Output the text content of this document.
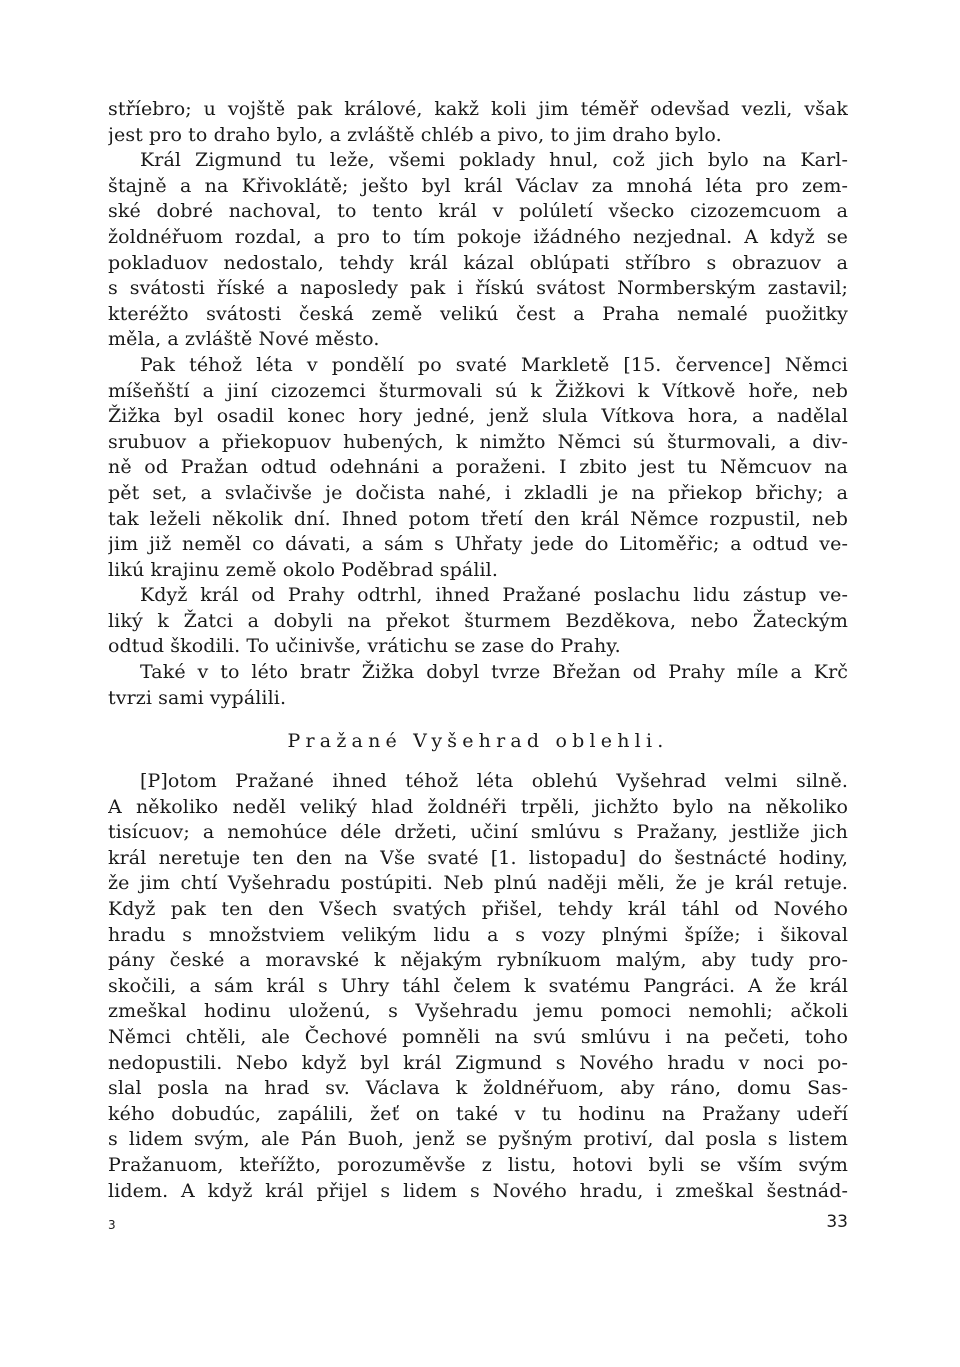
stříebro; u vojště pak králové, kakž koli jim téměř odevšad vezli, však
jest pro to draho bylo, a zvláště chléb a pivo, to jim draho bylo.
Král Zigmund tu leže, všemi poklady hnul, což jich bylo na Karl-
štajně a na Křivoklátě; ješto byl král Václav za mnohá léta pro zem-
ské dobré nachoval, to tento král v polúletí všecko cizozemcuom a
žoldnéřuom rozdal, a pro to tím pokoje ižádného nezjednal. A když se
pokladuov nedostalo, tehdy král kázal oblúpati stříbro s obrazuov a
s svátosti říské a naposledy pak i řískú svátost Normberským zastavil;
kteréžto svátosti česká země velikú čest a Praha nemalé puožitky
měla, a zvláště Nové město.
Pak téhož léta v pondělí po svaté Markletě [15. července] Němci
míšeňští a jiní cizozemci šturmovali sú k Žižkovi k Vítkově hoře, neb
Žižka byl osadil konec hory jedné, jenž slula Vítkova hora, a nadělal
srubuov a přiekopuov hubených, k nimžto Němci sú šturmovali, a div-
ně od Pražan odtud odehnáni a poraženi. I zbito jest tu Němcuov na
pět set, a svlačivše je dočista nahé, i zkladli je na přiekop břichy; a
tak leželi několik dní. Ihned potom třetí den král Němce rozpustil, neb
jim již neměl co dávati, a sám s Uhřaty jede do Litoměřic; a odtud ve-
likú krajinu země okolo Poděbrad spálil.
Když král od Prahy odtrhl, ihned Pražané poslachu lidu zástup ve-
liký k Žatci a dobyli na překot šturmem Bezděkova, nebo Žateckým
odtud škodili. To učinivše, vrátichu se zase do Prahy.
Také v to léto bratr Žižka dobyl tvrze Břežan od Prahy míle a Krč
tvrzi sami vypálili.
Pražané Vyšehrad oblehli.
[P]otom Pražané ihned téhož léta oblehú Vyšehrad velmi silně.
A několiko neděl veliký hlad žoldnéři trpěli, jichžto bylo na několiko
tisícuov; a nemohúce déle držeti, učiní smlúvu s Pražany, jestliže jich
král neretuje ten den na Vše svaté [1. listopadu] do šestnácté hodiny,
že jim chtí Vyšehradu postúpiti. Neb plnú naději měli, že je král retuje.
Když pak ten den Všech svatých přišel, tehdy král táhl od Nového
hradu s množstviem velikým lidu a s vozy plnými špíže; i šikoval
pány české a moravské k nějakým rybníkuom malým, aby tudy pro-
skočili, a sám král s Uhry táhl čelem k svatému Pangráci. A že král
zmeškal hodinu uloženú, s Vyšehradu jemu pomoci nemohli; ačkoli
Němci chtěli, ale Čechové pomněli na svú smlúvu i na pečeti, toho
nedopustili. Nebo když byl král Zigmund s Nového hradu v noci po-
slal posla na hrad sv. Václava k žoldnéřuom, aby ráno, domu Sas-
kého dobudúc, zapálili, žeť on také v tu hodinu na Pražany udeří
s lidem svým, ale Pán Buoh, jenž se pyšným protiví, dal posla s listem
Pražanuom, kteřížto, porozuměvše z listu, hotovi byli se vším svým
lidem. A když král přijel s lidem s Nového hradu, i zmeškal šestnád-
3	33
